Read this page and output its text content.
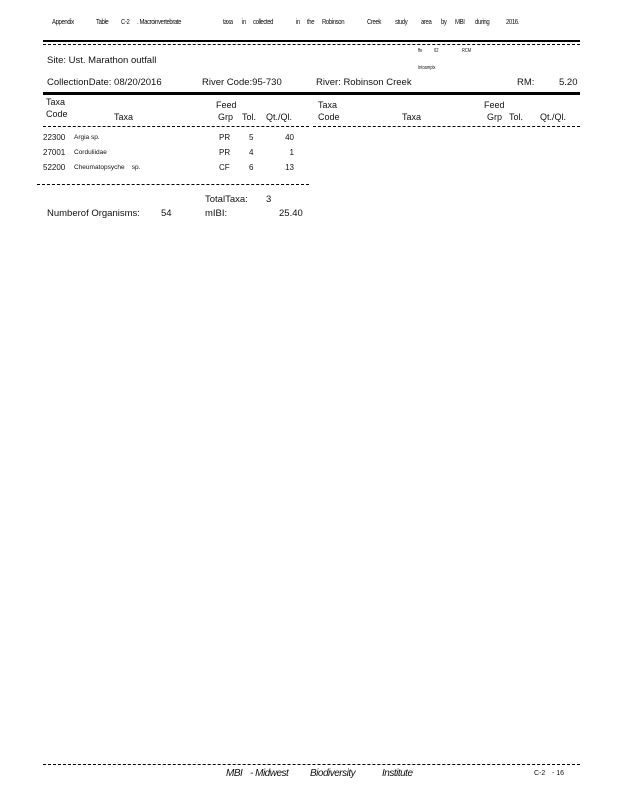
Appendix	Table C-2 . Macroinvertebrate	taxa in collected	in the Robinson	Creek study area by MBI during 2016.
ffe 02	RCM
Intoamplx
Site: Ust. Marathon outfall
CollectionDate: 08/20/2016	River Code:95-730	River: Robinson Creek	RM:	5.20
Taxa
Code	Taxa
Feed
Grp Tol. Qt./Ql.
Taxa
Code	Taxa
Feed
Grp Tol. Qt./Ql.
22300 Argia sp.	PR 5	40
27001 Corduliidae	PR 4	1
52200 Cheumatopsyche    sp.	CF 6	13
TotalTaxa: 3
Numberof Organisms: 54	mIBI:	25.40
MBI - Midwest Biodiversity	Institute	C-2 - 16
